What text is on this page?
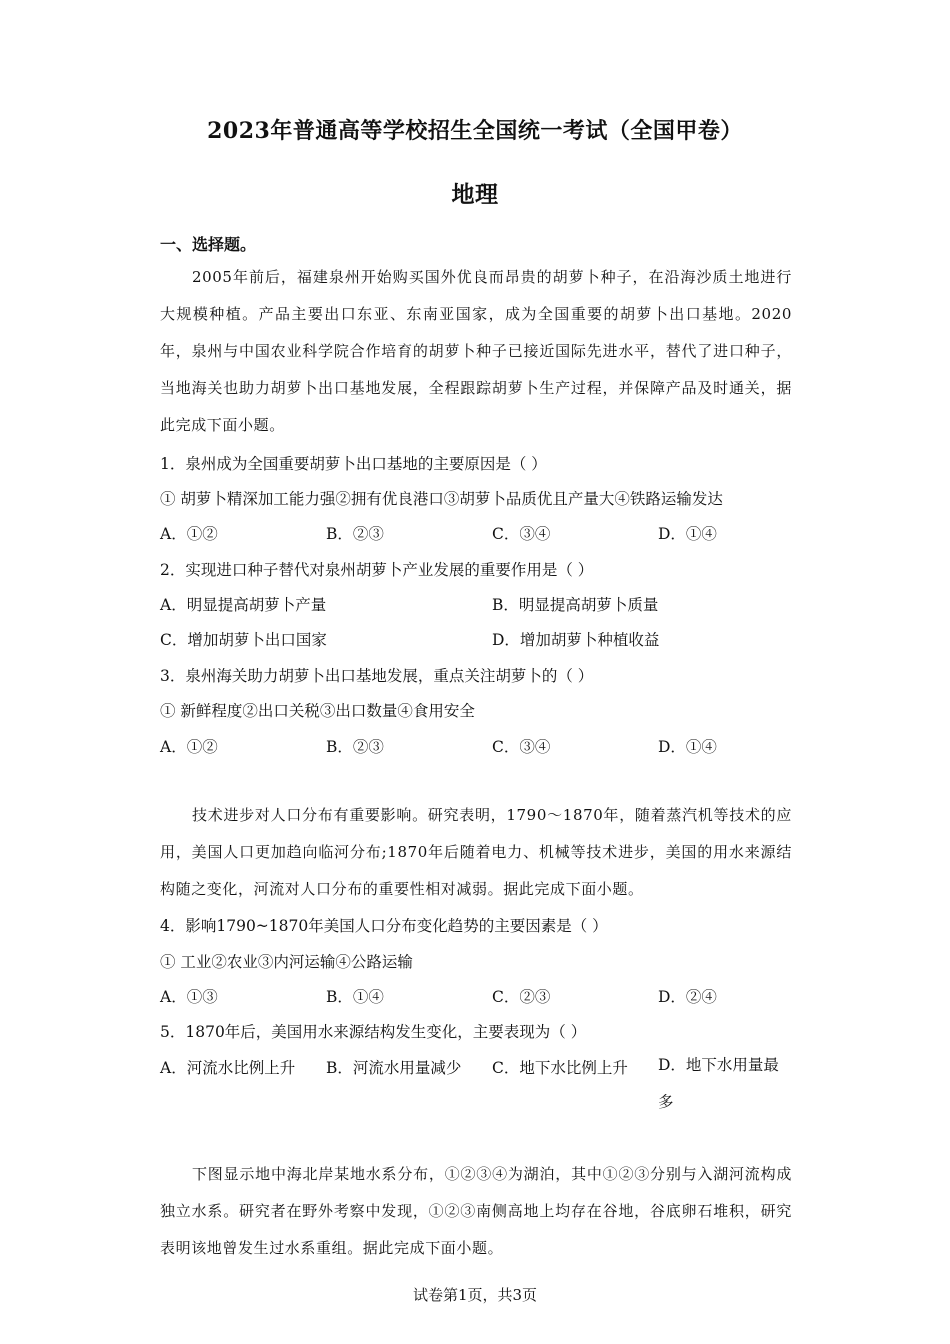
2023年普通高等学校招生全国统一考试（全国甲卷）
地理
一、选择题。
2005年前后，福建泉州开始购买国外优良而昂贵的胡萝卜种子，在沿海沙质土地进行大规模种植。产品主要出口东亚、东南亚国家，成为全国重要的胡萝卜出口基地。2020年，泉州与中国农业科学院合作培育的胡萝卜种子已接近国际先进水平，替代了进口种子，当地海关也助力胡萝卜出口基地发展，全程跟踪胡萝卜生产过程，并保障产品及时通关，据此完成下面小题。
1．泉州成为全国重要胡萝卜出口基地的主要原因是（ ）
① 胡萝卜精深加工能力强②拥有优良港口③胡萝卜品质优且产量大④铁路运输发达
A．①②	B．②③	C．③④	D．①④
2．实现进口种子替代对泉州胡萝卜产业发展的重要作用是（ ）
A．明显提高胡萝卜产量	B．明显提高胡萝卜质量
C．增加胡萝卜出口国家	D．增加胡萝卜种植收益
3．泉州海关助力胡萝卜出口基地发展，重点关注胡萝卜的（ ）
① 新鲜程度②出口关税③出口数量④食用安全
A．①②	B．②③	C．③④	D．①④
技术进步对人口分布有重要影响。研究表明，1790～1870年，随着蒸汽机等技术的应用，美国人口更加趋向临河分布;1870年后随着电力、机械等技术进步，美国的用水来源结构随之变化，河流对人口分布的重要性相对减弱。据此完成下面小题。
4．影响1790~1870年美国人口分布变化趋势的主要因素是（ ）
① 工业②农业③内河运输④公路运输
A．①③	B．①④	C．②③	D．②④
5．1870年后，美国用水来源结构发生变化，主要表现为（ ）
A．河流水比例上升 B．河流水用量减少 C．地下水比例上升 D．地下水用量最多
下图显示地中海北岸某地水系分布，①②③④为湖泊，其中①②③分别与入湖河流构成独立水系。研究者在野外考察中发现，①②③南侧高地上均存在谷地，谷底卵石堆积，研究表明该地曾发生过水系重组。据此完成下面小题。
试卷第1页，共3页
